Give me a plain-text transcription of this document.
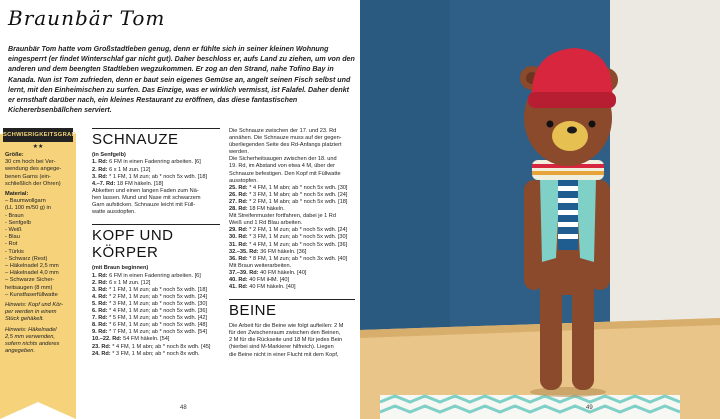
Braunbär Tom
Braunbär Tom hatte vom Großstadtleben genug, denn er fühlte sich in seiner kleinen Wohnung eingesperrt (er findet Winterschlaf gar nicht gut). Daher beschloss er, aufs Land zu ziehen, um von den anderen und dem beengten Stadtleben wegzukommen. Er zog an den Strand, nahe Tofino Bay in Kanada. Nun ist Tom zufrieden, denn er baut sein eigenes Gemüse an, angelt seinen Fisch selbst und lernt, mit den Einheimischen zu surfen. Das Einzige, was er wirklich vermisst, ist Falafel. Daher denkt er ernsthaft darüber nach, ein kleines Restaurant zu eröffnen, das diese fantastischen Kichererbsenbällchen serviert.
SCHWIERIGKEITSGRAD
★★
Größe:
30 cm hoch bei Ver-
wendung des angege-
benen Garns (ein-
schließlich der Ohren)
Material:
– Baumwollgarn
(LL 100 m/50 g) in
- Braun
- Senfgelb
- Weiß
- Blau
- Rot
- Türkis
- Schwarz (Rest)
– Häkelnadel 2,5 mm
– Häkelnadel 4,0 mm
– Schwarze Sicher-
heitsaugen (8 mm)
– Kunstfaserfüllwatte
Hinweis: Kopf und Kör-
per werden in einem
Stück gehäkelt.
Hinweis: Häkelnadel
2,5 mm verwenden,
sofern nichts anderes
angegeben.
SCHNAUZE
(in Senfgelb)
1. Rd: 6 FM in einen Fadenring arbeiten. [6]
2. Rd: 6 x 1 M zun. [12]
3. Rd: * 1 FM, 1 M zun; ab * noch 5x wdh. [18]
4.–7. Rd: 18 FM häkeln. [18]
Abketten und einen langen Faden zum Nä-
hen lassen. Mund und Nase mit schwarzem
Garn aufsticken. Schnauze leicht mit Füll-
watte ausstopfen.
KOPF UND
KÖRPER
(mit Braun beginnen)
1. Rd: 6 FM in einen Fadenring arbeiten. [6]
2. Rd: 6 x 1 M zun. [12]
3. Rd: * 1 FM, 1 M zun; ab * noch 5x wdh. [18]
4. Rd: * 2 FM, 1 M zun; ab * noch 5x wdh. [24]
5. Rd: * 3 FM, 1 M zun; ab * noch 5x wdh. [30]
6. Rd: * 4 FM, 1 M zun; ab * noch 5x wdh. [36]
7. Rd: * 5 FM, 1 M zun; ab * noch 5x wdh. [42]
8. Rd: * 6 FM, 1 M zun; ab * noch 5x wdh. [48]
9. Rd: * 7 FM, 1 M zun; ab * noch 5x wdh. [54]
10.–22. Rd: 54 FM häkeln. [54]
23. Rd: * 4 FM, 1 M abn; ab * noch 8x wdh. [45]
24. Rd: * 3 FM, 1 M abn; ab * noch 8x wdh.
Die Schnauze zwischen der 17. und 23. Rd
annähen. Die Schnauze muss auf der gegen-
überliegenden Seite des Rd-Anfangs platziert
werden.
Die Sicherheitsaugen zwischen der 18. und
19. Rd, im Abstand von etwa 4 M, über der
Schnauze befestigen. Den Kopf mit Füllwatte
ausstopfen.
25. Rd: * 4 FM, 1 M abn; ab * noch 5x wdh. [30]
26. Rd: * 3 FM, 1 M abn; ab * noch 5x wdh. [24]
27. Rd: * 2 FM, 1 M abn; ab * noch 5x wdh. [18]
28. Rd: 18 FM häkeln.
Mit Streifenmuster fortfahren, dabei je 1 Rd
Weiß und 1 Rd Blau arbeiten.
29. Rd: * 2 FM, 1 M zun; ab * noch 5x wdh. [24]
30. Rd: * 3 FM, 1 M zun; ab * noch 5x wdh. [30]
31. Rd: * 4 FM, 1 M zun; ab * noch 5x wdh. [36]
32.–35. Rd: 36 FM häkeln. [36]
36. Rd: * 8 FM, 1 M zun; ab * noch 3x wdh. [40]
Mit Braun weiterarbeiten.
37.–39. Rd: 40 FM häkeln. [40]
40. Rd: 40 FM iHM. [40]
41. Rd: 40 FM häkeln. [40]
BEINE
Die Arbeit für die Beine wie folgt aufteilen: 2 M
für den Zwischenraum zwischen den Beinen,
2 M für die Rückseite und 18 M für jedes Bein
(hierbei sind M-Markierer hilfreich). Liegen
die Beine nicht in einer Flucht mit dem Kopf,
48	49
